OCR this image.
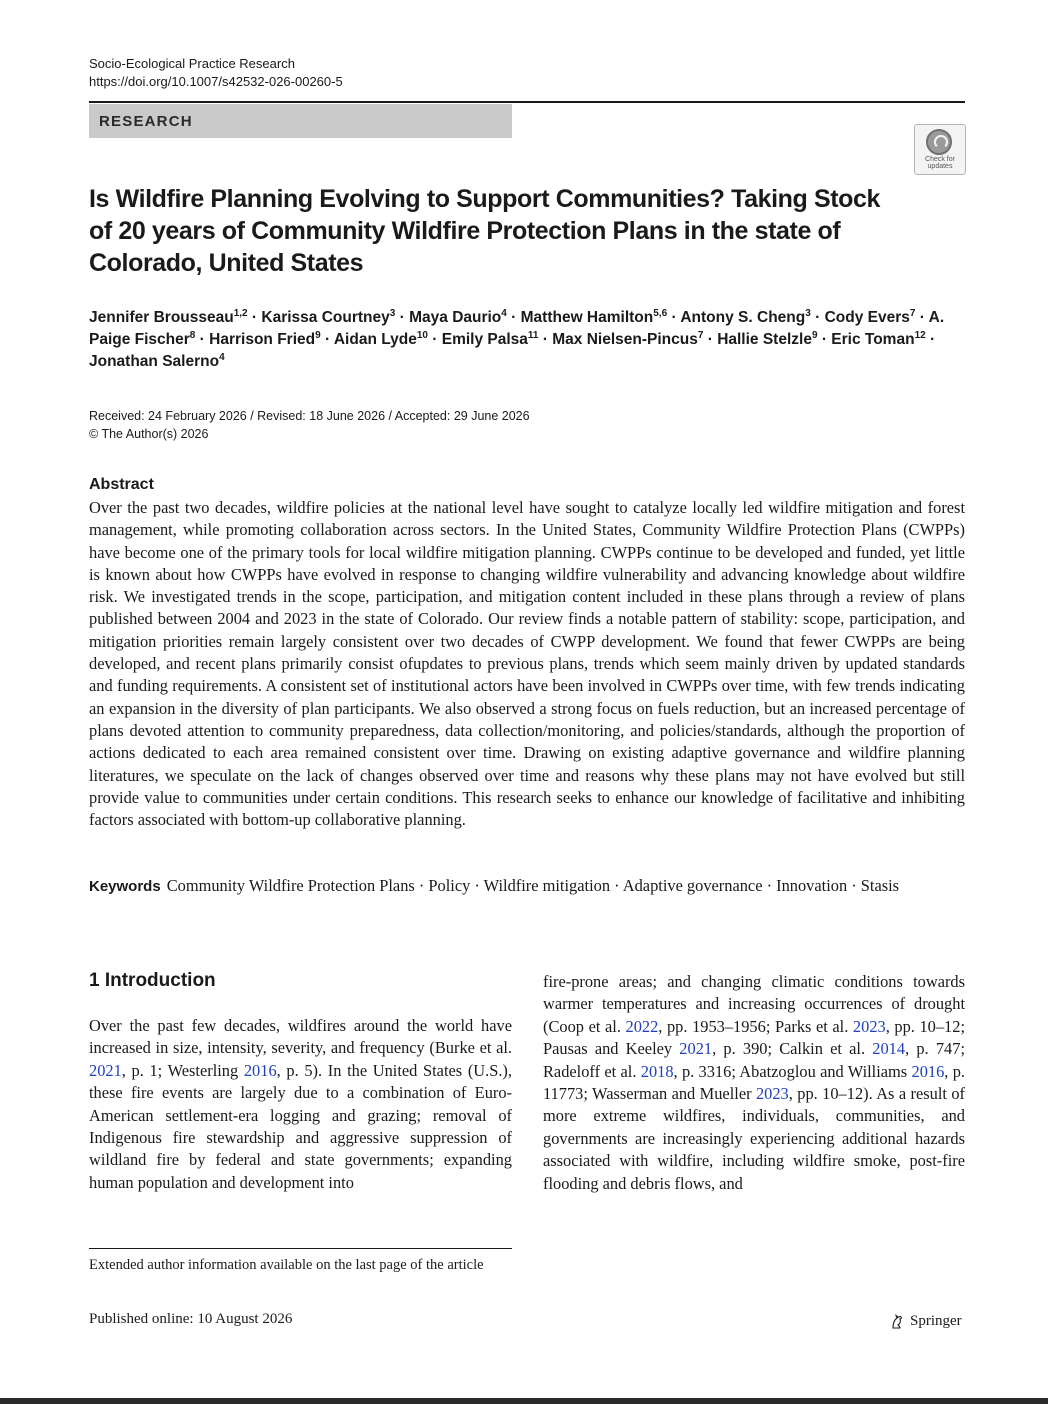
Socio-Ecological Practice Research
https://doi.org/10.1007/s42532-026-00260-5
RESEARCH
Check for
updates
Is Wildfire Planning Evolving to Support Communities? Taking Stock of 20 years of Community Wildfire Protection Plans in the state of Colorado, United States
Jennifer Brousseau$^{1,2}$ · Karissa Courtney$^3$ · Maya Daurio$^4$ · Matthew Hamilton$^{5,6}$ · Antony S. Cheng$^3$ · Cody Evers$^7$ · A. Paige Fischer$^8$ · Harrison Fried$^9$ · Aidan Lyde$^{10}$ · Emily Palsa$^{11}$ · Max Nielsen-Pincus$^7$ · Hallie Stelzle$^9$ · Eric Toman$^{12}$ · Jonathan Salerno$^4$
Received: 24 February 2026 / Revised: 18 June 2026 / Accepted: 29 June 2026
© The Author(s) 2026
Abstract
Over the past two decades, wildfire policies at the national level have sought to catalyze locally led wildfire mitigation and forest management, while promoting collaboration across sectors. In the United States, Community Wildfire Protection Plans (CWPPs) have become one of the primary tools for local wildfire mitigation planning. CWPPs continue to be developed and funded, yet little is known about how CWPPs have evolved in response to changing wildfire vulnerability and advancing knowledge about wildfire risk. We investigated trends in the scope, participation, and mitigation content included in these plans through a review of plans published between 2004 and 2023 in the state of Colorado. Our review finds a notable pattern of stability: scope, participation, and mitigation priorities remain largely consistent over two decades of CWPP development. We found that fewer CWPPs are being developed, and recent plans primarily consist ofupdates to previous plans, trends which seem mainly driven by updated standards and funding requirements. A consistent set of institutional actors have been involved in CWPPs over time, with few trends indicating an expansion in the diversity of plan participants. We also observed a strong focus on fuels reduction, but an increased percentage of plans devoted attention to community preparedness, data collection/monitoring, and policies/standards, although the proportion of actions dedicated to each area remained consistent over time. Drawing on existing adaptive governance and wildfire planning literatures, we speculate on the lack of changes observed over time and reasons why these plans may not have evolved but still provide value to communities under certain conditions. This research seeks to enhance our knowledge of facilitative and inhibiting factors associated with bottom-up collaborative planning.
Keywords Community Wildfire Protection Plans · Policy · Wildfire mitigation · Adaptive governance · Innovation · Stasis
1 Introduction
Over the past few decades, wildfires around the world have increased in size, intensity, severity, and frequency (Burke et al. 2021, p. 1; Westerling 2016, p. 5). In the United States (U.S.), these fire events are largely due to a combination of Euro-American settlement-era logging and grazing; removal of Indigenous fire stewardship and aggressive suppression of wildland fire by federal and state governments; expanding human population and development into
fire-prone areas; and changing climatic conditions towards warmer temperatures and increasing occurrences of drought (Coop et al. 2022, pp. 1953–1956; Parks et al. 2023, pp. 10–12; Pausas and Keeley 2021, p. 390; Calkin et al. 2014, p. 747; Radeloff et al. 2018, p. 3316; Abatzoglou and Williams 2016, p. 11773; Wasserman and Mueller 2023, pp. 10–12). As a result of more extreme wildfires, individuals, communities, and governments are increasingly experiencing additional hazards associated with wildfire, including wildfire smoke, post-fire flooding and debris flows, and
Extended author information available on the last page of the article
Published online: 10 August 2026	Springer
